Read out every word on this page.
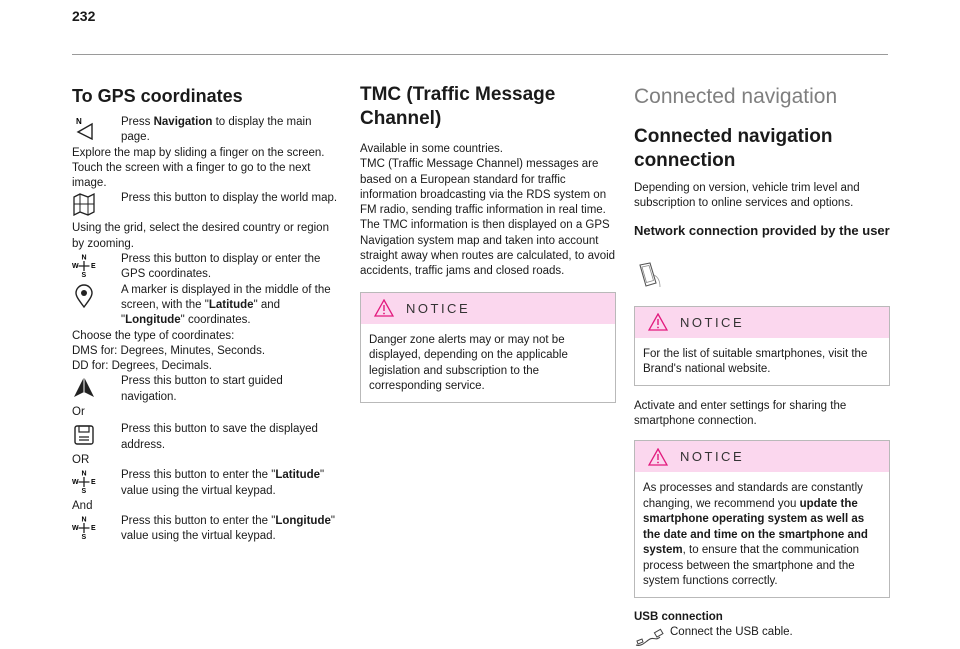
232
To GPS coordinates
N	Press Navigation to display the main page.

Explore the map by sliding a finger on the screen.

Touch the screen with a finger to go to the next image.

Press this button to display the world map.

Using the grid, select the desired country or region by zooming.

N
W E
S

Press this button to display or enter the GPS coordinates.

A marker is displayed in the middle of the screen, with the "Latitude" and "Longitude" coordinates.

Choose the type of coordinates:

DMS for: Degrees, Minutes, Seconds.

DD for: Degrees, Decimals.

Press this button to start guided navigation.

Or

Press this button to save the displayed address.

OR

N
W E
S

Press this button to enter the "Latitude" value using the virtual keypad.

And

N
W E
S

Press this button to enter the "Longitude" value using the virtual keypad.

TMC (Traffic Message Channel)

Available in some countries.

TMC (Traffic Message Channel) messages are based on a European standard for traffic information broadcasting via the RDS system on FM radio, sending traffic information in real time.

The TMC information is then displayed on a GPS Navigation system map and taken into account straight away when routes are calculated, to avoid accidents, traffic jams and closed roads.

NOTICE

Danger zone alerts may or may not be displayed, depending on the applicable legislation and subscription to the corresponding service.

Connected navigation
Connected navigation connection

Depending on version, vehicle trim level and subscription to online services and options.

Network connection provided by the user
NOTICE

For the list of suitable smartphones, visit the Brand's national website.

Activate and enter settings for sharing the smartphone connection.

NOTICE

As processes and standards are constantly changing, we recommend you update the smartphone operating system as well as the date and time on the smartphone and system, to ensure that the communication process between the smartphone and the system functions correctly.

USB connection

Connect the USB cable.
